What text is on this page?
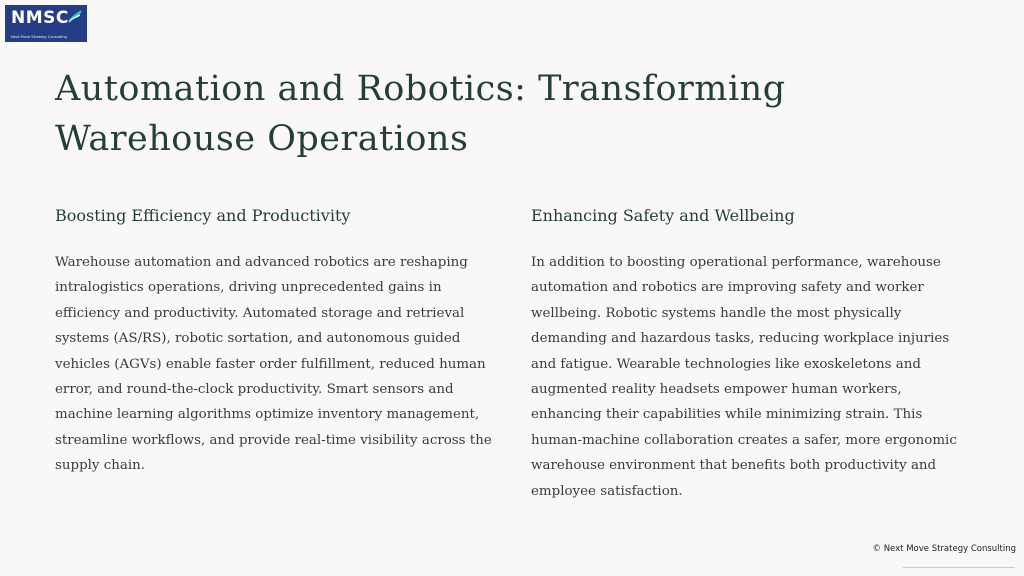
NMSC
Next Move Strategy Consulting
Automation and Robotics: Transforming Warehouse Operations
Boosting Efficiency and Productivity

Warehouse automation and advanced robotics are reshaping intralogistics operations, driving unprecedented gains in efficiency and productivity. Automated storage and retrieval systems (AS/RS), robotic sortation, and autonomous guided vehicles (AGVs) enable faster order fulfillment, reduced human error, and round-the-clock productivity. Smart sensors and machine learning algorithms optimize inventory management, streamline workflows, and provide real-time visibility across the supply chain.

Enhancing Safety and Wellbeing

In addition to boosting operational performance, warehouse automation and robotics are improving safety and worker wellbeing. Robotic systems handle the most physically demanding and hazardous tasks, reducing workplace injuries and fatigue. Wearable technologies like exoskeletons and augmented reality headsets empower human workers, enhancing their capabilities while minimizing strain. This human-machine collaboration creates a safer, more ergonomic warehouse environment that benefits both productivity and employee satisfaction.

© Next Move Strategy Consulting
